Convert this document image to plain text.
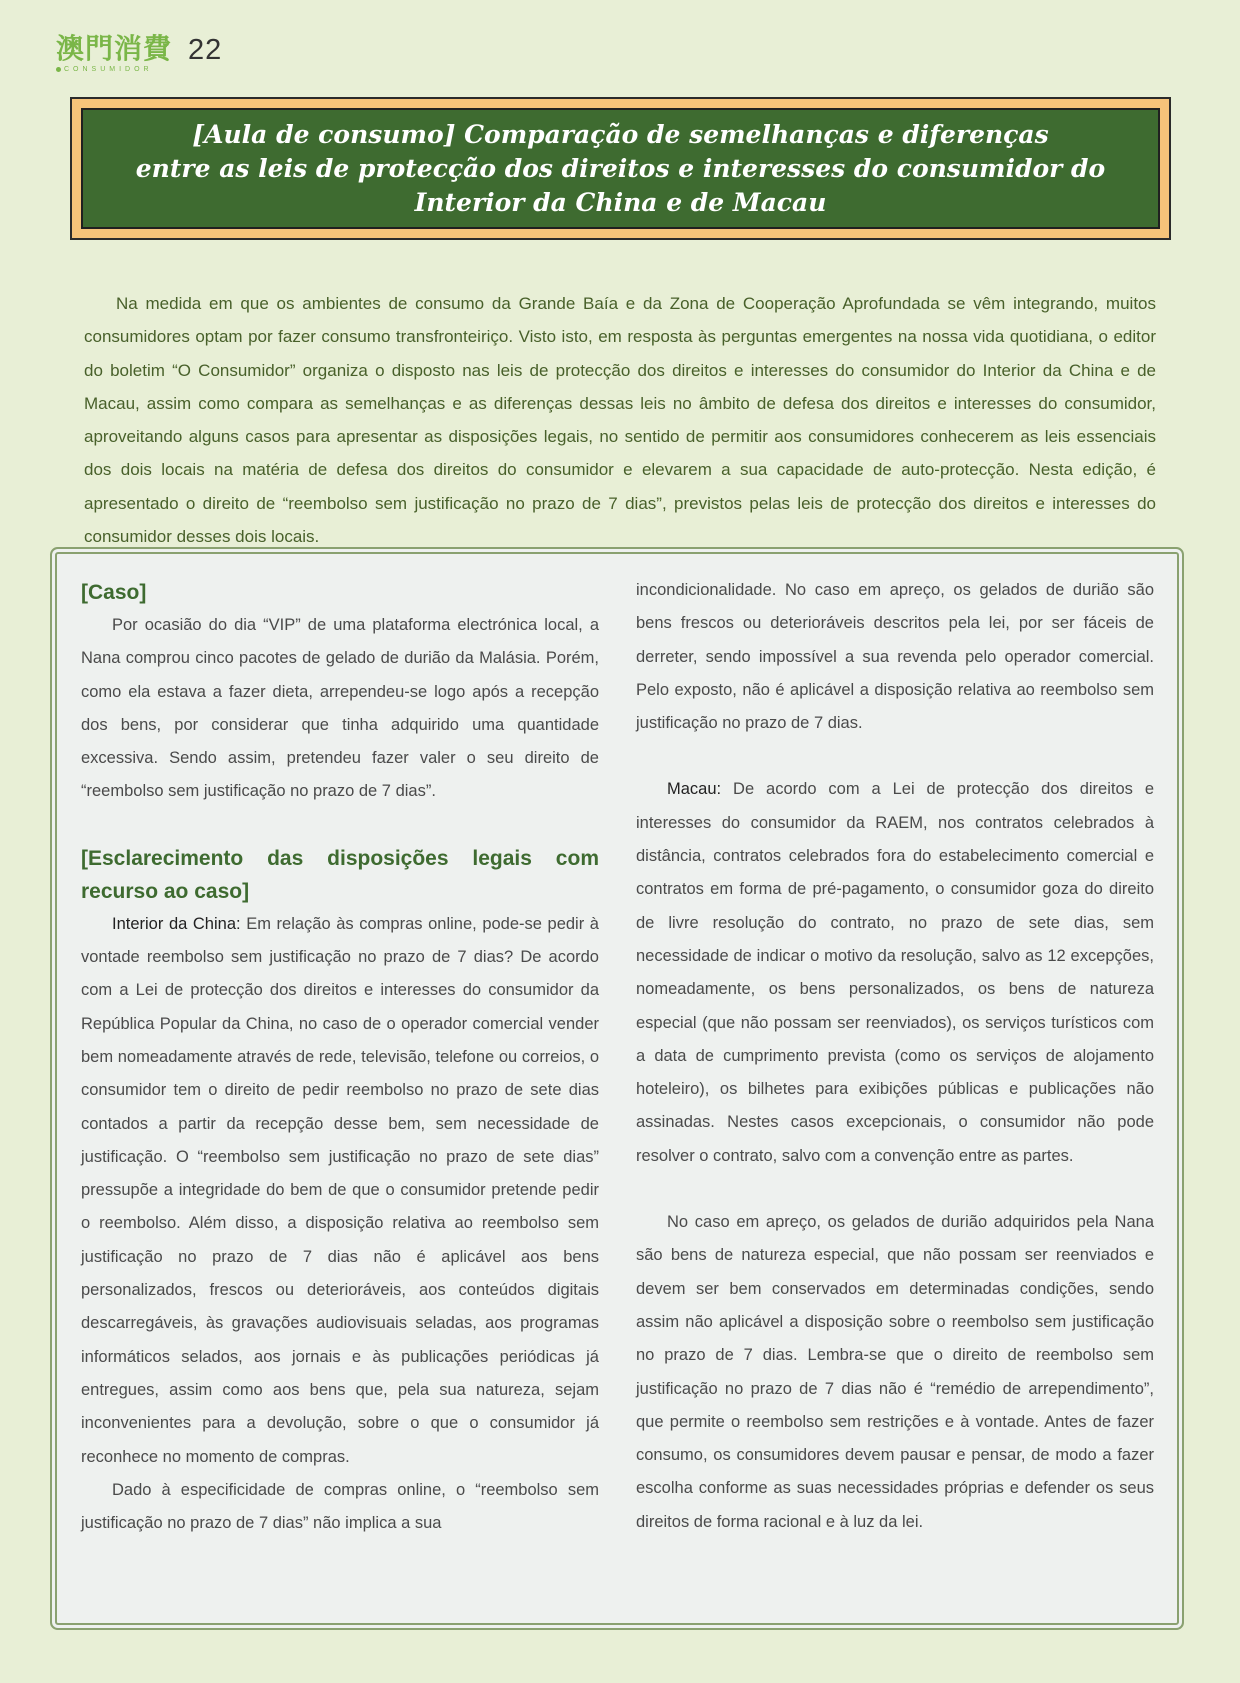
澳門消費
CONSUMIDOR
22
[Aula de consumo] Comparação de semelhanças e diferenças
entre as leis de protecção dos direitos e interesses do consumidor do
Interior da China e de Macau

Na medida em que os ambientes de consumo da Grande Baía e da Zona de Cooperação Aprofundada se vêm integrando, muitos consumidores optam por fazer consumo transfronteiriço. Visto isto, em resposta às perguntas emergentes na nossa vida quotidiana, o editor do boletim “O Consumidor” organiza o disposto nas leis de protecção dos direitos e interesses do consumidor do Interior da China e de Macau, assim como compara as semelhanças e as diferenças dessas leis no âmbito de defesa dos direitos e interesses do consumidor, aproveitando alguns casos para apresentar as disposições legais, no sentido de permitir aos consumidores conhecerem as leis essenciais dos dois locais na matéria de defesa dos direitos do consumidor e elevarem a sua capacidade de auto-protecção. Nesta edição, é apresentado o direito de “reembolso sem justificação no prazo de 7 dias”, previstos pelas leis de protecção dos direitos e interesses do consumidor desses dois locais.

[Caso]

Por ocasião do dia “VIP” de uma plataforma electrónica local, a Nana comprou cinco pacotes de gelado de durião da Malásia. Porém, como ela estava a fazer dieta, arrependeu-se logo após a recepção dos bens, por considerar que tinha adquirido uma quantidade excessiva. Sendo assim, pretendeu fazer valer o seu direito de “reembolso sem justificação no prazo de 7 dias”.

[Esclarecimento das disposições legais com recurso ao caso]

Interior da China: Em relação às compras online, pode-se pedir à vontade reembolso sem justificação no prazo de 7 dias? De acordo com a Lei de protecção dos direitos e interesses do consumidor da República Popular da China, no caso de o operador comercial vender bem nomeadamente através de rede, televisão, telefone ou correios, o consumidor tem o direito de pedir reembolso no prazo de sete dias contados a partir da recepção desse bem, sem necessidade de justificação. O “reembolso sem justificação no prazo de sete dias” pressupõe a integridade do bem de que o consumidor pretende pedir o reembolso. Além disso, a disposição relativa ao reembolso sem justificação no prazo de 7 dias não é aplicável aos bens personalizados, frescos ou deterioráveis, aos conteúdos digitais descarregáveis, às gravações audiovisuais seladas, aos programas informáticos selados, aos jornais e às publicações periódicas já entregues, assim como aos bens que, pela sua natureza, sejam inconvenientes para a devolução, sobre o que o consumidor já reconhece no momento de compras.

Dado à especificidade de compras online, o “reembolso sem justificação no prazo de 7 dias” não implica a sua

incondicionalidade. No caso em apreço, os gelados de durião são bens frescos ou deterioráveis descritos pela lei, por ser fáceis de derreter, sendo impossível a sua revenda pelo operador comercial. Pelo exposto, não é aplicável a disposição relativa ao reembolso sem justificação no prazo de 7 dias.

Macau: De acordo com a Lei de protecção dos direitos e interesses do consumidor da RAEM, nos contratos celebrados à distância, contratos celebrados fora do estabelecimento comercial e contratos em forma de pré-pagamento, o consumidor goza do direito de livre resolução do contrato, no prazo de sete dias, sem necessidade de indicar o motivo da resolução, salvo as 12 excepções, nomeadamente, os bens personalizados, os bens de natureza especial (que não possam ser reenviados), os serviços turísticos com a data de cumprimento prevista (como os serviços de alojamento hoteleiro), os bilhetes para exibições públicas e publicações não assinadas. Nestes casos excepcionais, o consumidor não pode resolver o contrato, salvo com a convenção entre as partes.

No caso em apreço, os gelados de durião adquiridos pela Nana são bens de natureza especial, que não possam ser reenviados e devem ser bem conservados em determinadas condições, sendo assim não aplicável a disposição sobre o reembolso sem justificação no prazo de 7 dias. Lembra-se que o direito de reembolso sem justificação no prazo de 7 dias não é “remédio de arrependimento”, que permite o reembolso sem restrições e à vontade. Antes de fazer consumo, os consumidores devem pausar e pensar, de modo a fazer escolha conforme as suas necessidades próprias e defender os seus direitos de forma racional e à luz da lei.
